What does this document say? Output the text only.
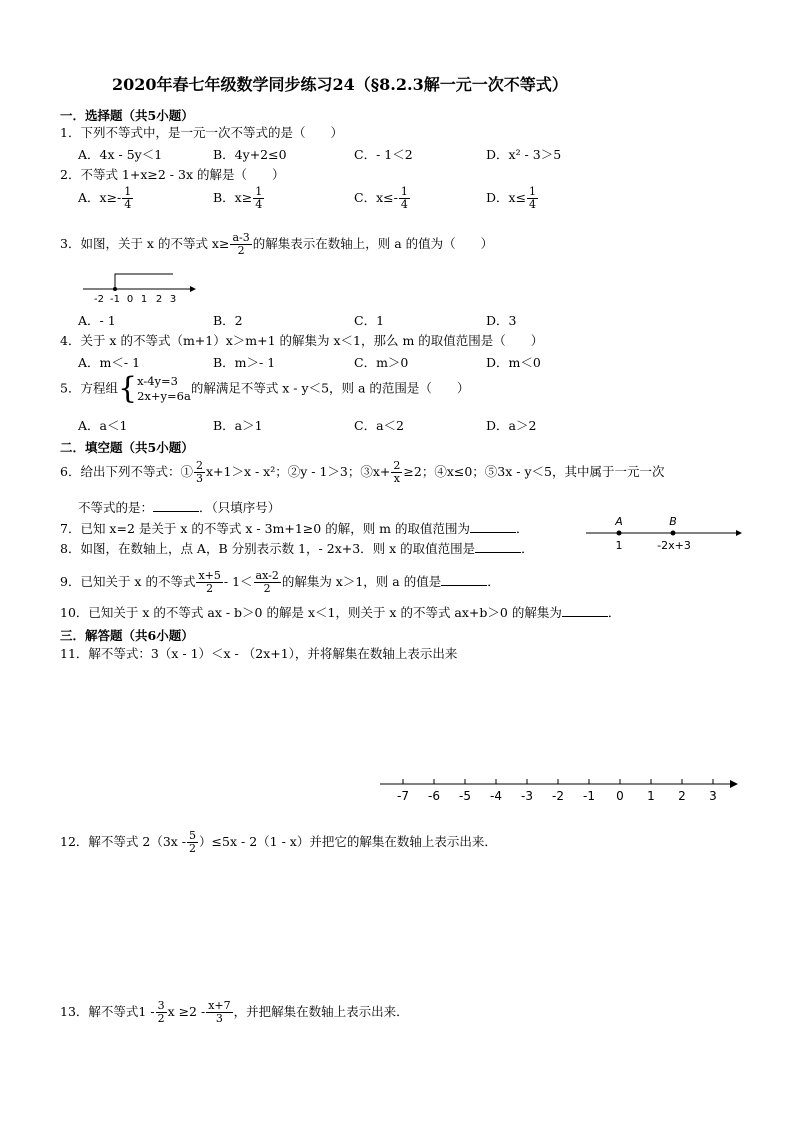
2020年春七年级数学同步练习24（§8.2.3解一元一次不等式）
一．选择题（共5小题）
1．下列不等式中，是一元一次不等式的是（　　）
A．4x - 5y＜1	B．4y+2≤0	C．- 1＜2	D．x² - 3＞5
2．不等式 1+x≥2 - 3x 的解是（　　）
A．$x\ge- \frac{1}{4}$	B．$x\ge \frac{1}{4}$	C．$x\le- \frac{1}{4}$	D．$x\le \frac{1}{4}$
3．如图，关于 x 的不等式 $x\ge \frac{a-3}{2}$ 的解集表示在数轴上，则 a 的值为（　　）
-2 -1 0 1 2 3
A．- 1	B．2	C．1	D．3
4．关于 x 的不等式（m+1）x＞m+1 的解集为 x＜1，那么 m 的取值范围是（　　）
A．m＜- 1	B．m＞- 1	C．m＞0	D．m＜0
5．方程组{ x-4y=3
2x+y=6a
的解满足不等式 x - y＜5，则 a 的范围是（　　）
A．a＜1	B．a＞1	C．a＜2	D．a＞2
二．填空题（共5小题）
6．给出下列不等式：① $\frac{2}{3} x+1>x - x^2$；②y - 1＞3；③x+ $\frac{2}{x} \ge 2$；④x≤0；⑤3x - y＜5，其中属于一元一次
不等式的是：	．（只填序号）
7．已知 x=2 是关于 x 的不等式 x - 3m+1≥0 的解，则 m 的取值范围为	．
8．如图，在数轴上，点 A，B 分别表示数 1，- 2x+3．则 x 的取值范围是	．
A	B
1	-2x+3
9．已知关于 x 的不等式 $\frac{x+5}{2} - 1< \frac{ax-2}{2}$ 的解集为 x＞1，则 a 的值是	．
10．已知关于 x 的不等式 ax - b＞0 的解是 x＜1，则关于 x 的不等式 ax+b＞0 的解集为	．
三．解答题（共6小题）
11．解不等式：3（x - 1）＜x - （2x+1），并将解集在数轴上表示出来
-7 -6 -5 -4 -3 -2 -1 0 1 2 3
12．解不等式 $2(3x - \frac{5}{2} )\le 5x - 2(1 - x)$并把它的解集在数轴上表示出来．
13．解不等式$1 - \frac{3}{2}$ $x \ge 2 - \frac{x+7}{3}$ ，并把解集在数轴上表示出来．
